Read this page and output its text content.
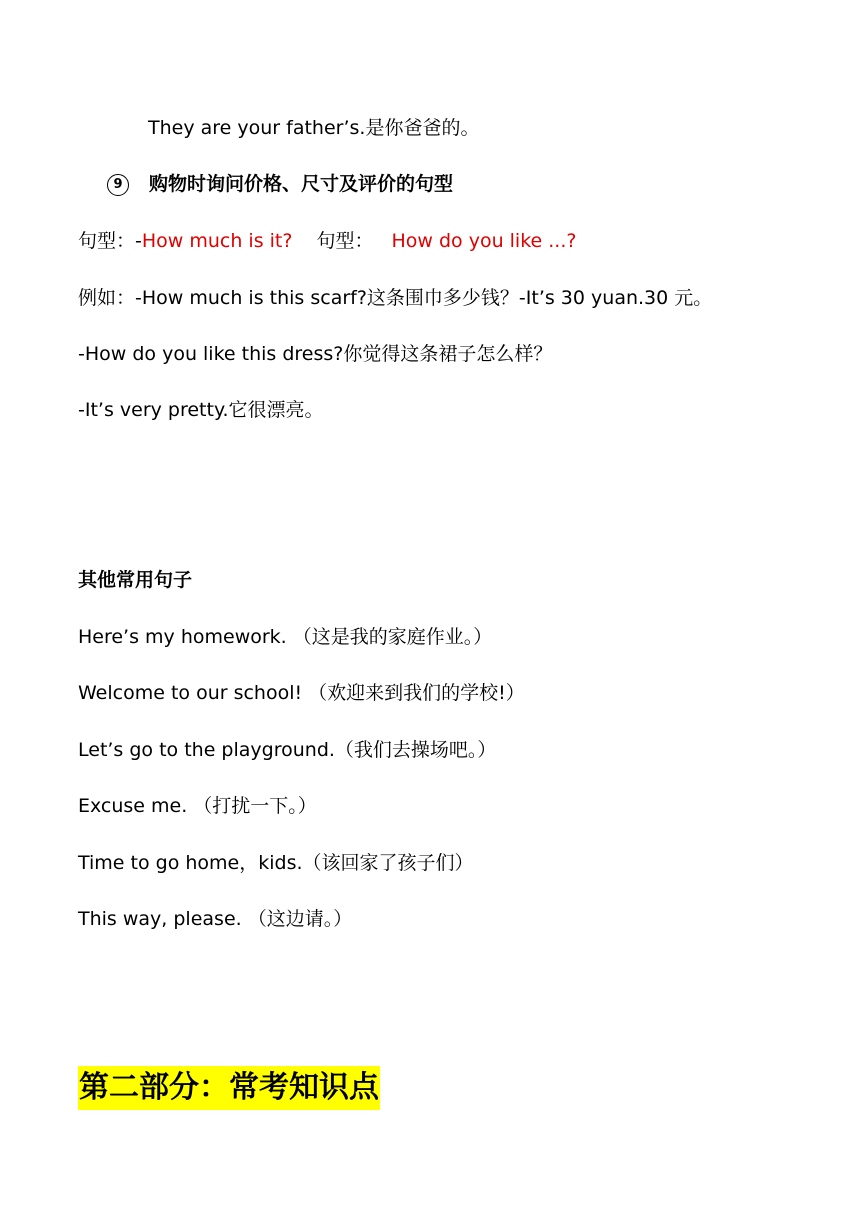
They are your father’s.是你爸爸的。
9 购物时询问价格、尺寸及评价的句型
句型：-How much is it? 句型： How do you like ...?
例如：-How much is this scarf?这条围巾多少钱？-It’s 30 yuan.30 元。
-How do you like this dress?你觉得这条裙子怎么样？
-It’s very pretty.它很漂亮。
其他常用句子
Here’s my homework. （这是我的家庭作业。）
Welcome to our school! （欢迎来到我们的学校!）
Let’s go to the playground.（我们去操场吧。）
Excuse me. （打扰一下。）
Time to go home，kids.（该回家了孩子们）
This way, please. （这边请。）
第二部分：常考知识点
